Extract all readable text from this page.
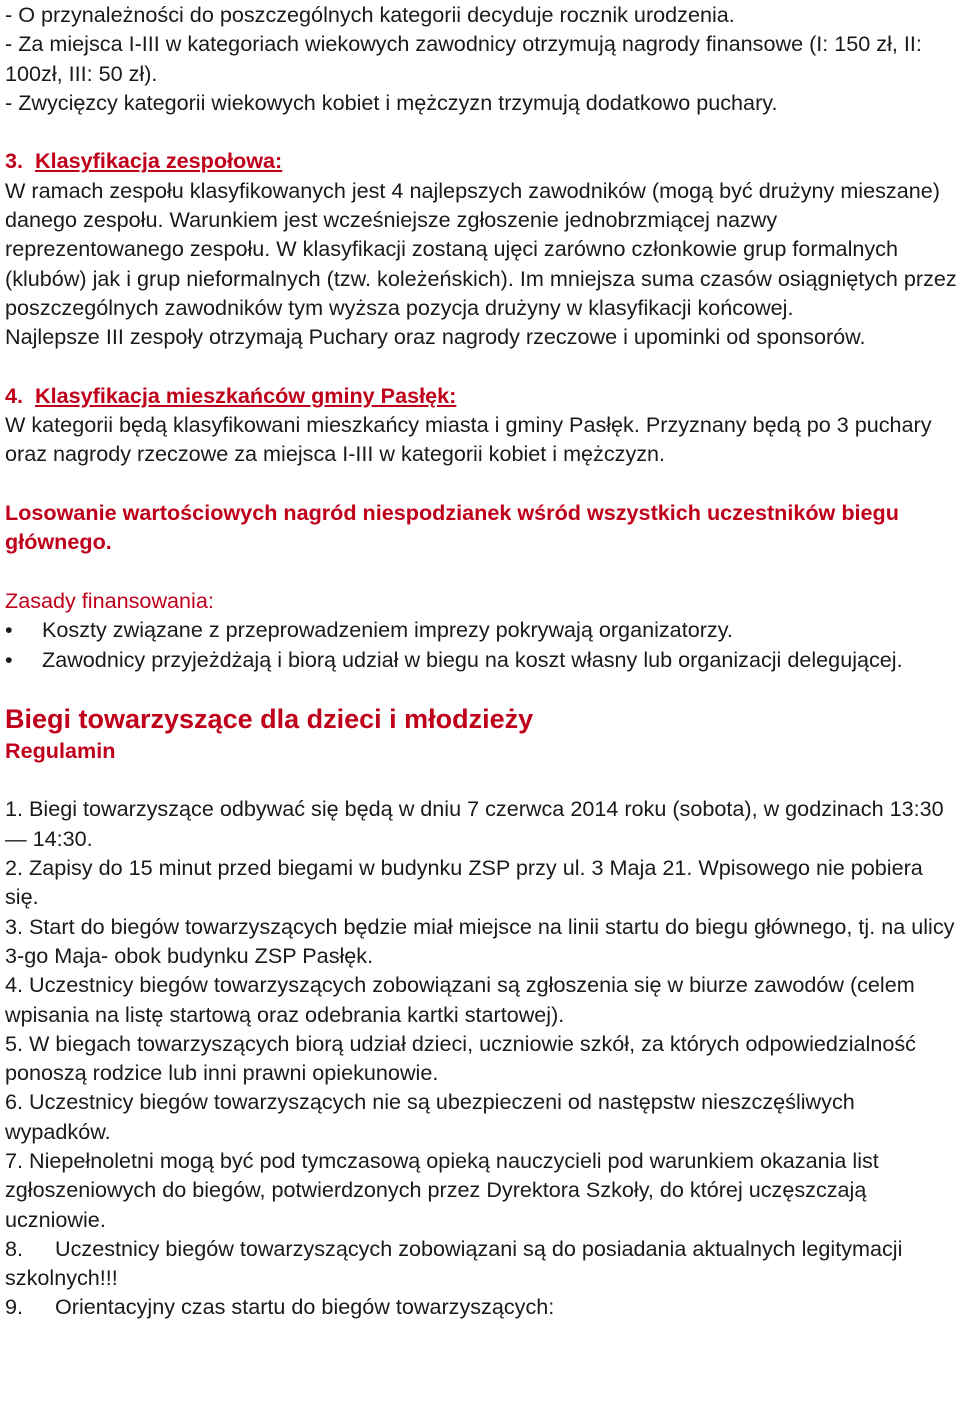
- O przynależności do poszczególnych kategorii decyduje rocznik urodzenia.

- Za miejsca I-III w kategoriach wiekowych zawodnicy otrzymują nagrody finansowe (I: 150 zł, II: 100zł, III: 50 zł).

- Zwycięzcy kategorii wiekowych kobiet i mężczyzn trzymują dodatkowo puchary.

3. Klasyfikacja zespołowa:

W ramach zespołu klasyfikowanych jest 4 najlepszych zawodników (mogą być drużyny mieszane) danego zespołu. Warunkiem jest wcześniejsze zgłoszenie jednobrzmiącej nazwy reprezentowanego zespołu. W klasyfikacji zostaną ujęci zarówno członkowie grup formalnych (klubów) jak i grup nieformalnych (tzw. koleżeńskich). Im mniejsza suma czasów osiągniętych przez poszczególnych zawodników tym wyższa pozycja drużyny w klasyfikacji końcowej.

Najlepsze III zespoły otrzymają Puchary oraz nagrody rzeczowe i upominki od sponsorów.

4. Klasyfikacja mieszkańców gminy Pasłęk:

W kategorii będą klasyfikowani mieszkańcy miasta i gminy Pasłęk. Przyznany będą po 3 puchary oraz nagrody rzeczowe za miejsca I-III w kategorii kobiet i mężczyzn.

Losowanie wartościowych nagród niespodzianek wśród wszystkich uczestników biegu głównego.

Zasady finansowania:

•	Koszty związane z przeprowadzeniem imprezy pokrywają organizatorzy.

• Zawodnicy przyjeżdżają i biorą udział w biegu na koszt własny lub organizacji delegującej.

Biegi towarzyszące dla dzieci i młodzieży

Regulamin

1. Biegi towarzyszące odbywać się będą w dniu 7 czerwca 2014 roku (sobota), w godzinach 13:30 — 14:30.

2. Zapisy do 15 minut przed biegami w budynku ZSP przy ul. 3 Maja 21. Wpisowego nie pobiera się.

3. Start do biegów towarzyszących będzie miał miejsce na linii startu do biegu głównego, tj. na ulicy 3-go Maja- obok budynku ZSP Pasłęk.

4. Uczestnicy biegów towarzyszących zobowiązani są zgłoszenia się w biurze zawodów (celem wpisania na listę startową oraz odebrania kartki startowej).

5. W biegach towarzyszących biorą udział dzieci, uczniowie szkół, za których odpowiedzialność ponoszą rodzice lub inni prawni opiekunowie.

6. Uczestnicy biegów towarzyszących nie są ubezpieczeni od następstw nieszczęśliwych wypadków.

7. Niepełnoletni mogą być pod tymczasową opieką nauczycieli pod warunkiem okazania list zgłoszeniowych do biegów, potwierdzonych przez Dyrektora Szkoły, do której uczęszczają uczniowie.

8. Uczestnicy biegów towarzyszących zobowiązani są do posiadania aktualnych legitymacji szkolnych!!!

9. Orientacyjny czas startu do biegów towarzyszących:
